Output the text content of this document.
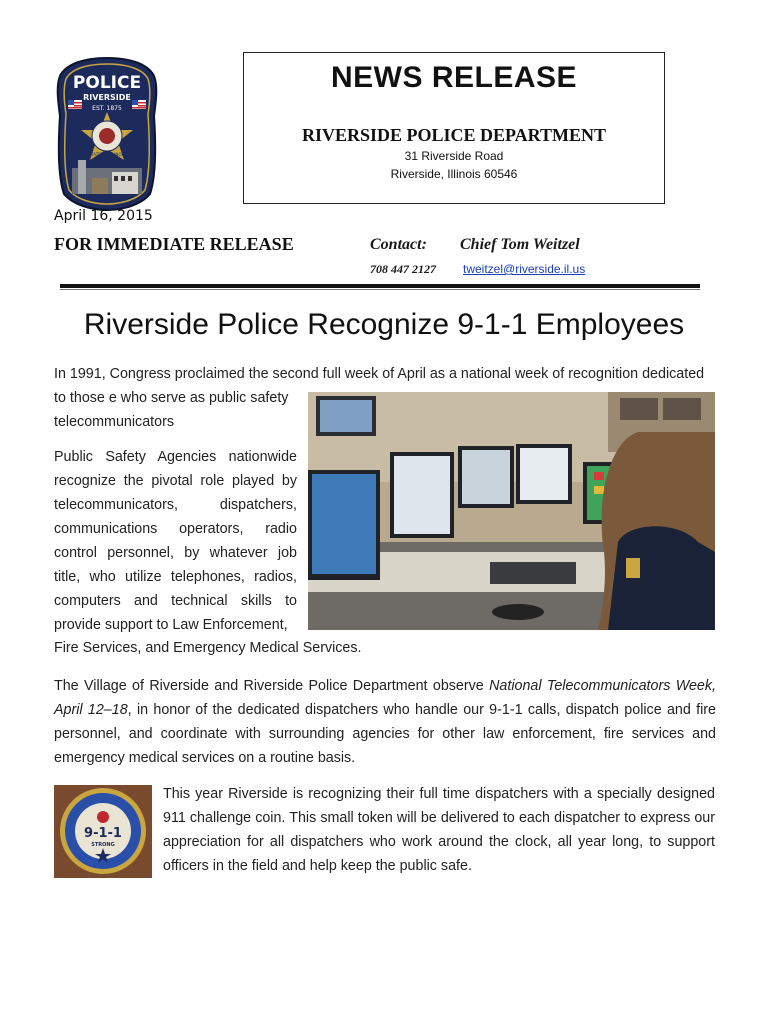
POLICE
RIVERSIDE
EST. 1875
STATE OF ILLINOIS
April 16, 2015
NEWS RELEASE
RIVERSIDE POLICE DEPARTMENT
31 Riverside Road
Riverside, Illinois 60546
FOR IMMEDIATE RELEASE	Contact: Chief Tom Weitzel
708 447 2127 tweitzel@riverside.il.us
Riverside Police Recognize 9-1-1 Employees
In 1991, Congress proclaimed the second full week of April as a national week of recognition dedicated
to those e who serve as public safety telecommunicators
Public Safety Agencies nationwide recognize the pivotal role played by telecommunicators, dispatchers, communications operators, radio control personnel, by whatever job title, who utilize telephones, radios, computers and technical skills to provide support to Law Enforcement,
Fire Services, and Emergency Medical Services.
The Village of Riverside and Riverside Police Department observe National Telecommunicators Week, April 12–18, in honor of the dedicated dispatchers who handle our 9-1-1 calls, dispatch police and fire personnel, and coordinate with surrounding agencies for other law enforcement, fire services and emergency medical services on a routine basis.
9-1-1
STRONG
This year Riverside is recognizing their full time dispatchers with a specially designed 911 challenge coin. This small token will be delivered to each dispatcher to express our appreciation for all dispatchers who work around the clock, all year long, to support officers in the field and help keep the public safe.
